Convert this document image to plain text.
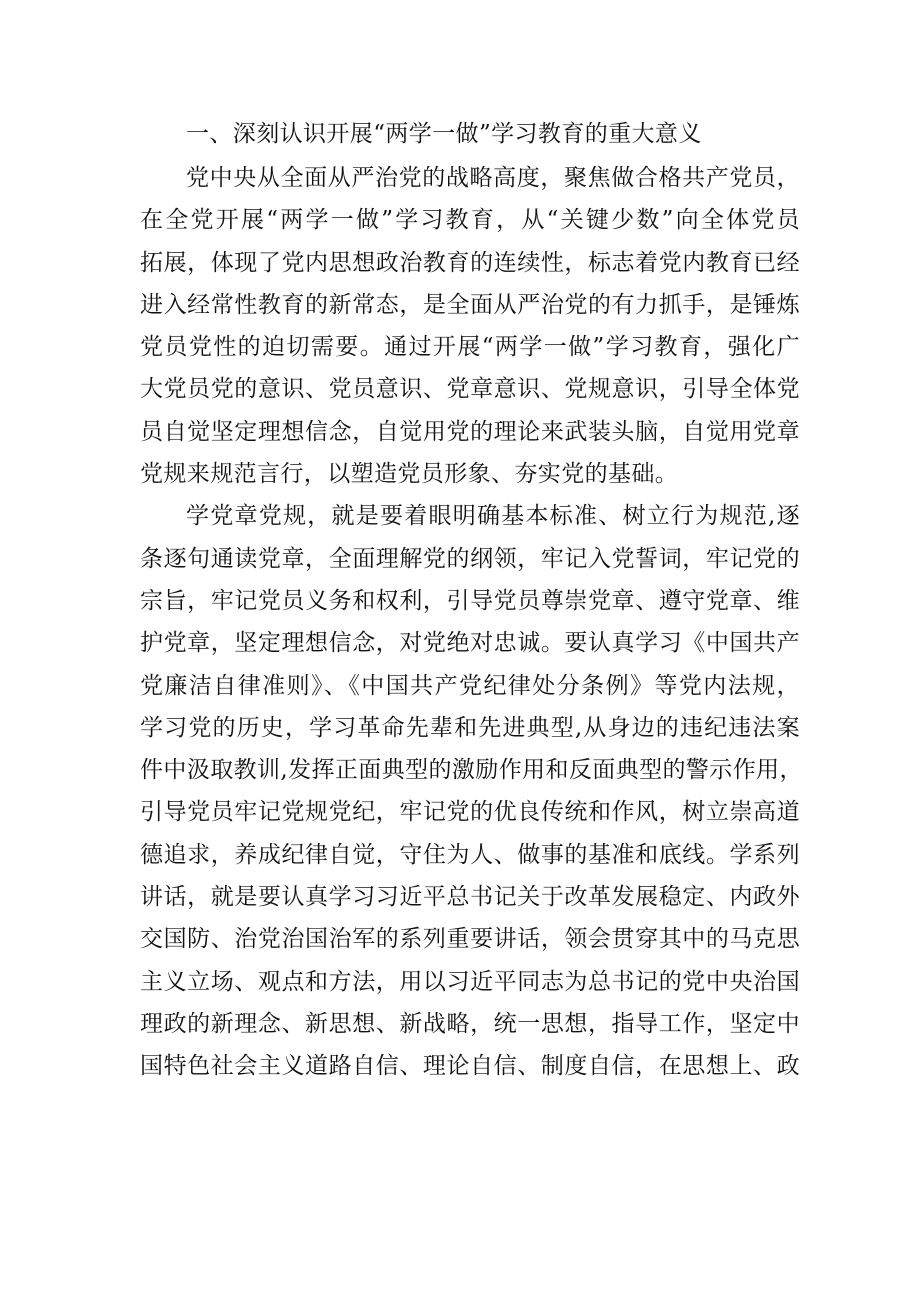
一、深刻认识开展“两学一做”学习教育的重大意义
党中央从全面从严治党的战略高度，聚焦做合格共产党员，
在全党开展“两学一做”学习教育，从“关键少数”向全体党员
拓展，体现了党内思想政治教育的连续性，标志着党内教育已经
进入经常性教育的新常态，是全面从严治党的有力抓手，是锤炼
党员党性的迫切需要。通过开展“两学一做”学习教育，强化广
大党员党的意识、党员意识、党章意识、党规意识，引导全体党
员自觉坚定理想信念，自觉用党的理论来武装头脑，自觉用党章
党规来规范言行，以塑造党员形象、夯实党的基础。
学党章党规，就是要着眼明确基本标准、树立行为规范,逐
条逐句通读党章，全面理解党的纲领，牢记入党誓词，牢记党的
宗旨，牢记党员义务和权利，引导党员尊崇党章、遵守党章、维
护党章，坚定理想信念，对党绝对忠诚。要认真学习《中国共产
党廉洁自律准则》、《中国共产党纪律处分条例》等党内法规，
学习党的历史，学习革命先辈和先进典型,从身边的违纪违法案
件中汲取教训,发挥正面典型的激励作用和反面典型的警示作用，
引导党员牢记党规党纪，牢记党的优良传统和作风，树立崇高道
德追求，养成纪律自觉，守住为人、做事的基准和底线。学系列
讲话，就是要认真学习习近平总书记关于改革发展稳定、内政外
交国防、治党治国治军的系列重要讲话，领会贯穿其中的马克思
主义立场、观点和方法，用以习近平同志为总书记的党中央治国
理政的新理念、新思想、新战略，统一思想，指导工作，坚定中
国特色社会主义道路自信、理论自信、制度自信，在思想上、政
